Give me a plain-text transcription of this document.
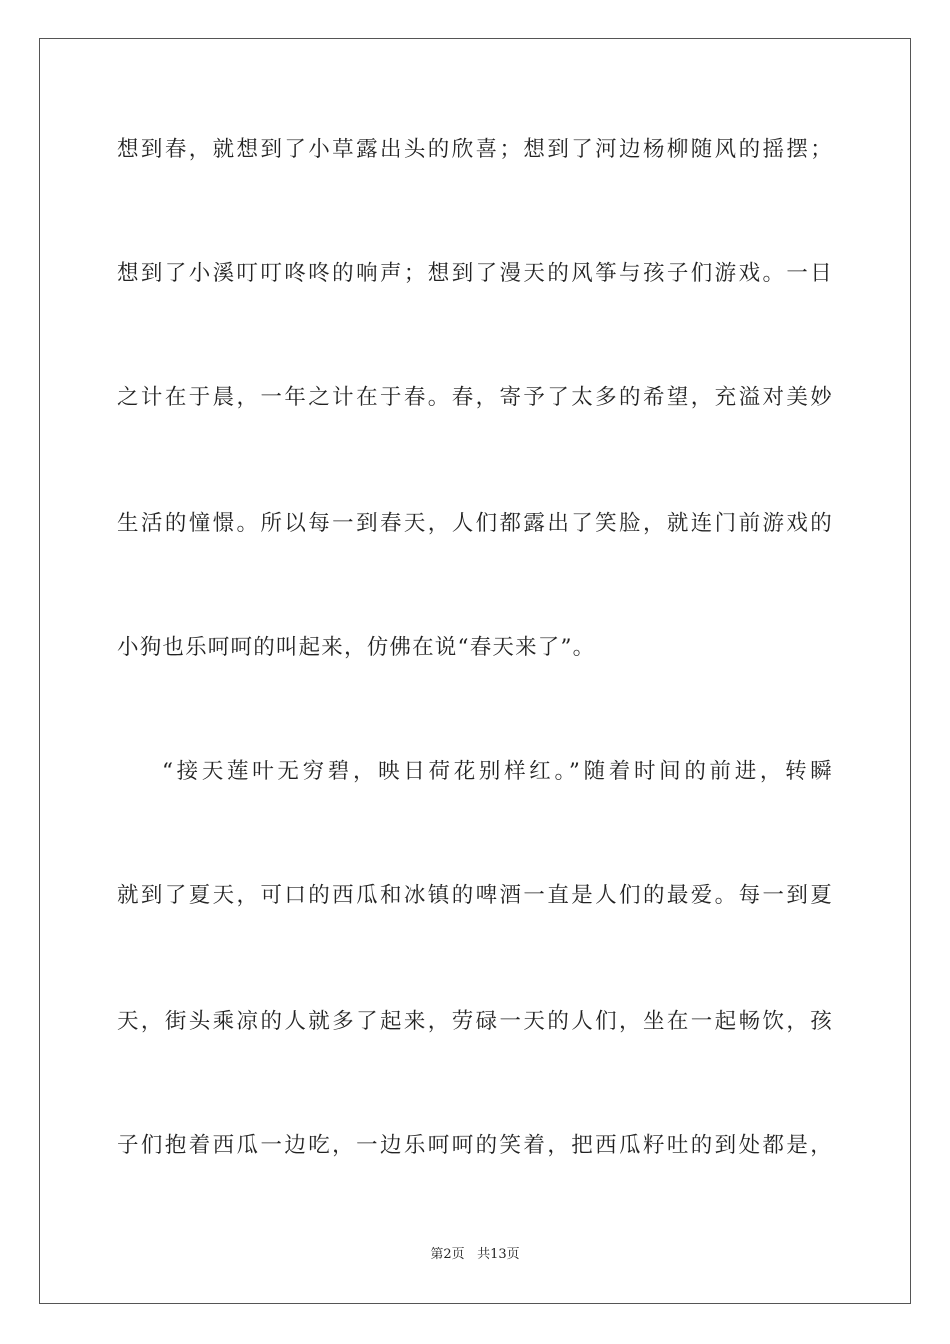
想到春，就想到了小草露出头的欣喜；想到了河边杨柳随风的摇摆；
想到了小溪叮叮咚咚的响声；想到了漫天的风筝与孩子们游戏。一日
之计在于晨，一年之计在于春。春，寄予了太多的希望，充溢对美妙
生活的憧憬。所以每一到春天，人们都露出了笑脸，就连门前游戏的
小狗也乐呵呵的叫起来，仿佛在说“春天来了”。
“接天莲叶无穷碧，映日荷花别样红。”随着时间的前进，转瞬
就到了夏天，可口的西瓜和冰镇的啤酒一直是人们的最爱。每一到夏
天，街头乘凉的人就多了起来，劳碌一天的人们，坐在一起畅饮，孩
子们抱着西瓜一边吃，一边乐呵呵的笑着，把西瓜籽吐的到处都是，
第2页 共13页
